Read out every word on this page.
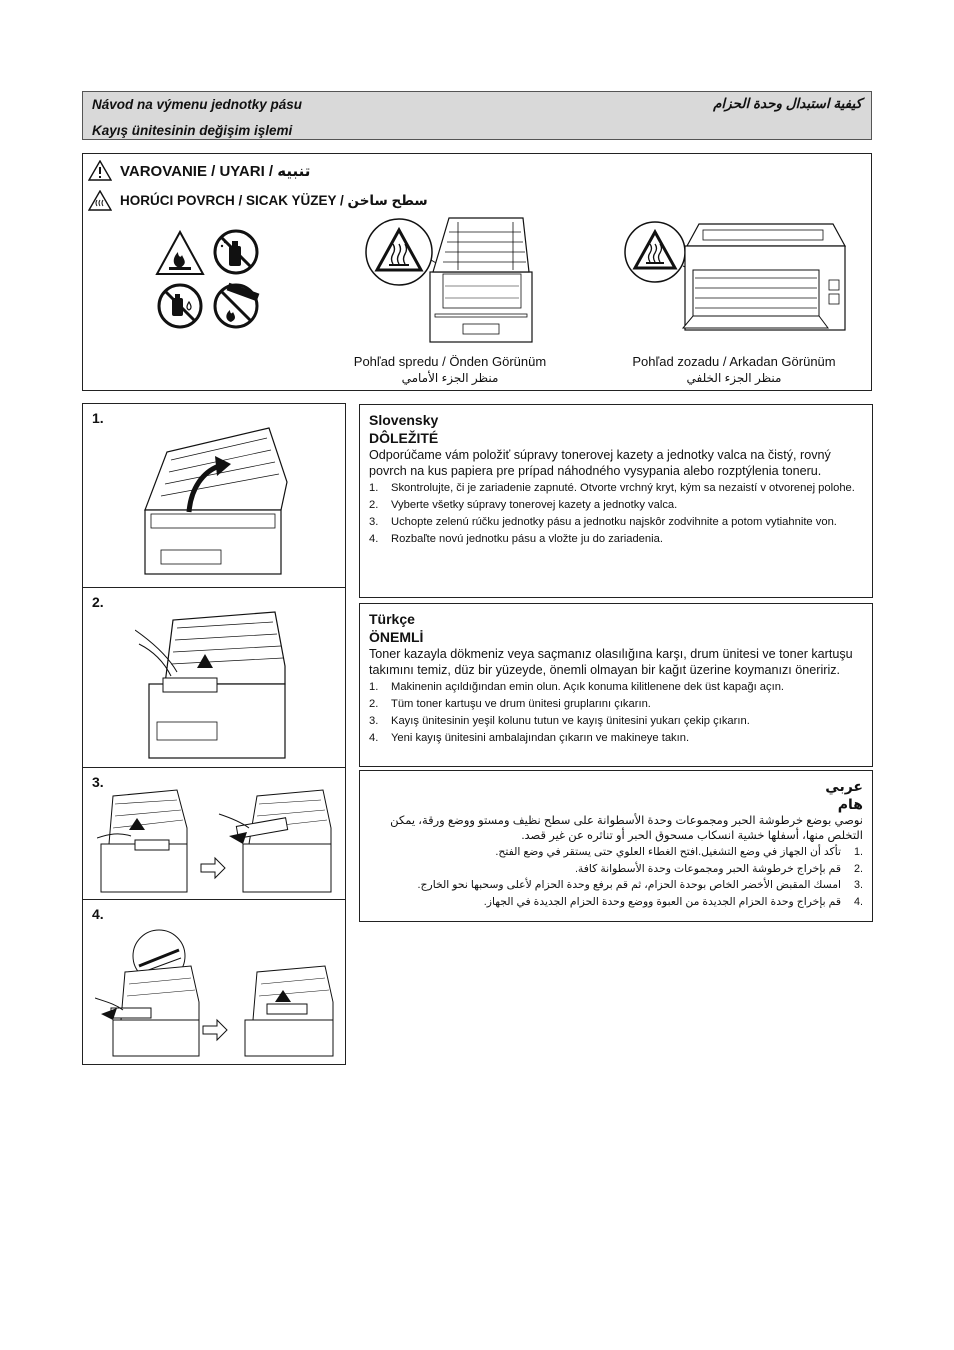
Návod na výmenu jednotky pásu
Kayış ünitesinin değişim işlemi
كيفية استبدال وحدة الحزام
VAROVANIE / UYARI / تنبيه
HORÚCI POVRCH / SICAK YÜZEY / سطح ساخن
Pohľad spredu / Önden Görünüm
منظر الجزء الأمامي
Pohľad zozadu / Arkadan Görünüm
منظر الجزء الخلفي
1.
2.
3.
4.
Slovensky
DÔLEŽITÉ
Odporúčame vám položiť súpravy tonerovej kazety a jednotky valca na čistý, rovný povrch na kus papiera pre prípad náhodného vysypania alebo rozptýlenia toneru.
1. Skontrolujte, či je zariadenie zapnuté. Otvorte vrchný kryt, kým sa nezaistí v otvorenej polohe.
2. Vyberte všetky súpravy tonerovej kazety a jednotky valca.
3. Uchopte zelenú rúčku jednotky pásu a jednotku najskôr zodvihnite a potom vytiahnite von.
4. Rozbaľte novú jednotku pásu a vložte ju do zariadenia.
Türkçe
ÖNEMLİ
Toner kazayla dökmeniz veya saçmanız olasılığına karşı, drum ünitesi ve toner kartuşu takımını temiz, düz bir yüzeyde, önemli olmayan bir kağıt üzerine koymanızı öneririz.
1. Makinenin açıldığından emin olun. Açık konuma kilitlenene dek üst kapağı açın.
2. Tüm toner kartuşu ve drum ünitesi gruplarını çıkarın.
3. Kayış ünitesinin yeşil kolunu tutun ve kayış ünitesini yukarı çekip çıkarın.
4. Yeni kayış ünitesini ambalajından çıkarın ve makineye takın.
عربي
هام
نوصي بوضع خرطوشة الحبر ومجموعات وحدة الأسطوانة على سطح نظيف ومستو ووضع ورقة، يمكن التخلص منها، أسفلها خشية انسكاب مسحوق الحبر أو تناثره عن غير قصد.
.1
تأكد أن الجهاز في وضع التشغيل.افتح الغطاء العلوي حتى يستقر في وضع الفتح.
.2
قم بإخراج خرطوشة الحبر ومجموعات وحدة الأسطوانة كافة.
.3
امسك المقبض الأخضر الخاص بوحدة الحزام، ثم قم برفع وحدة الحزام لأعلى وسحبها نحو الخارج.
.4
قم بإخراج وحدة الحزام الجديدة من العبوة ووضع وحدة الحزام الجديدة في الجهاز.
